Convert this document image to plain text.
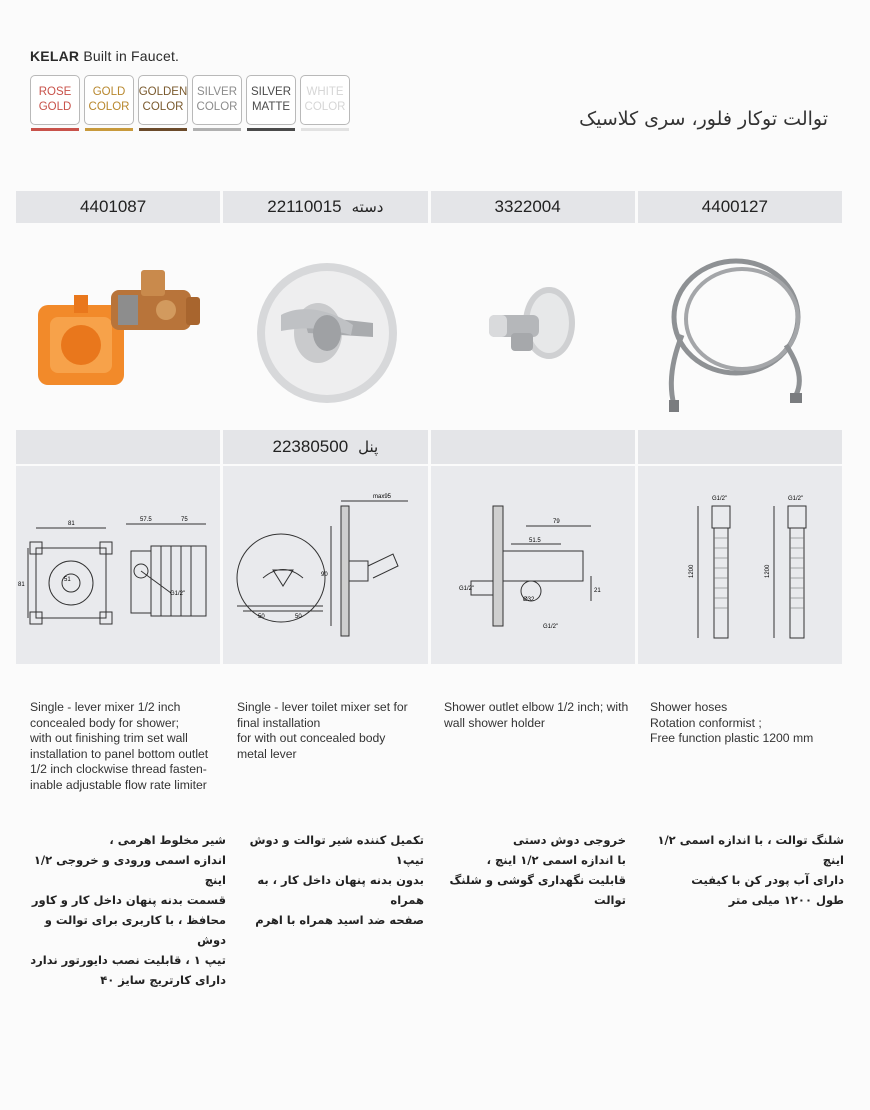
KELAR Built in Faucet.
ROSE
GOLD
GOLD
COLOR
GOLDEN
COLOR
SILVER
COLOR
SILVER
MATTE
WHITE
COLOR
توالت توکار فلور، سری کلاسیک
4401087	22110015 دسته	3322004	4400127
22380500 پنل
81
81
51
57.5	75
G1/2"
max95
90
50	50
79
51.5
G1/2"
Ø32
21
G1/2"
G1/2"
1200
G1/2"
1200
Single - lever mixer 1/2 inch
concealed body for shower;
with out finishing trim set wall
installation to panel bottom outlet
1/2 inch clockwise thread fasten-
inable adjustable flow rate limiter
Single - lever toilet mixer set for
final installation
for with out concealed body
metal lever
Shower outlet elbow 1/2 inch; with
wall shower holder
Shower hoses
Rotation conformist ;
Free function plastic 1200 mm
شیر مخلوط اهرمی ،
اندازه اسمی ورودی و خروجی ۱/۲ اینچ
قسمت بدنه پنهان داخل کار و کاور
محافظ ، با کاربری برای توالت و دوش
تیپ ۱ ، قابلیت نصب دایورتور ندارد
دارای کارتریج سایز ۴۰
تکمیل کننده شیر توالت و دوش تیپ۱
بدون بدنه پنهان داخل کار ، به همراه
صفحه ضد اسید همراه با اهرم
خروجی دوش دستی
با اندازه اسمی ۱/۲ اینچ ،
قابلیت نگهداری گوشی و شلنگ توالت
شلنگ توالت ، با اندازه اسمی ۱/۲ اینچ
دارای آب پودر کن با کیفیت
طول ۱۲۰۰ میلی متر
